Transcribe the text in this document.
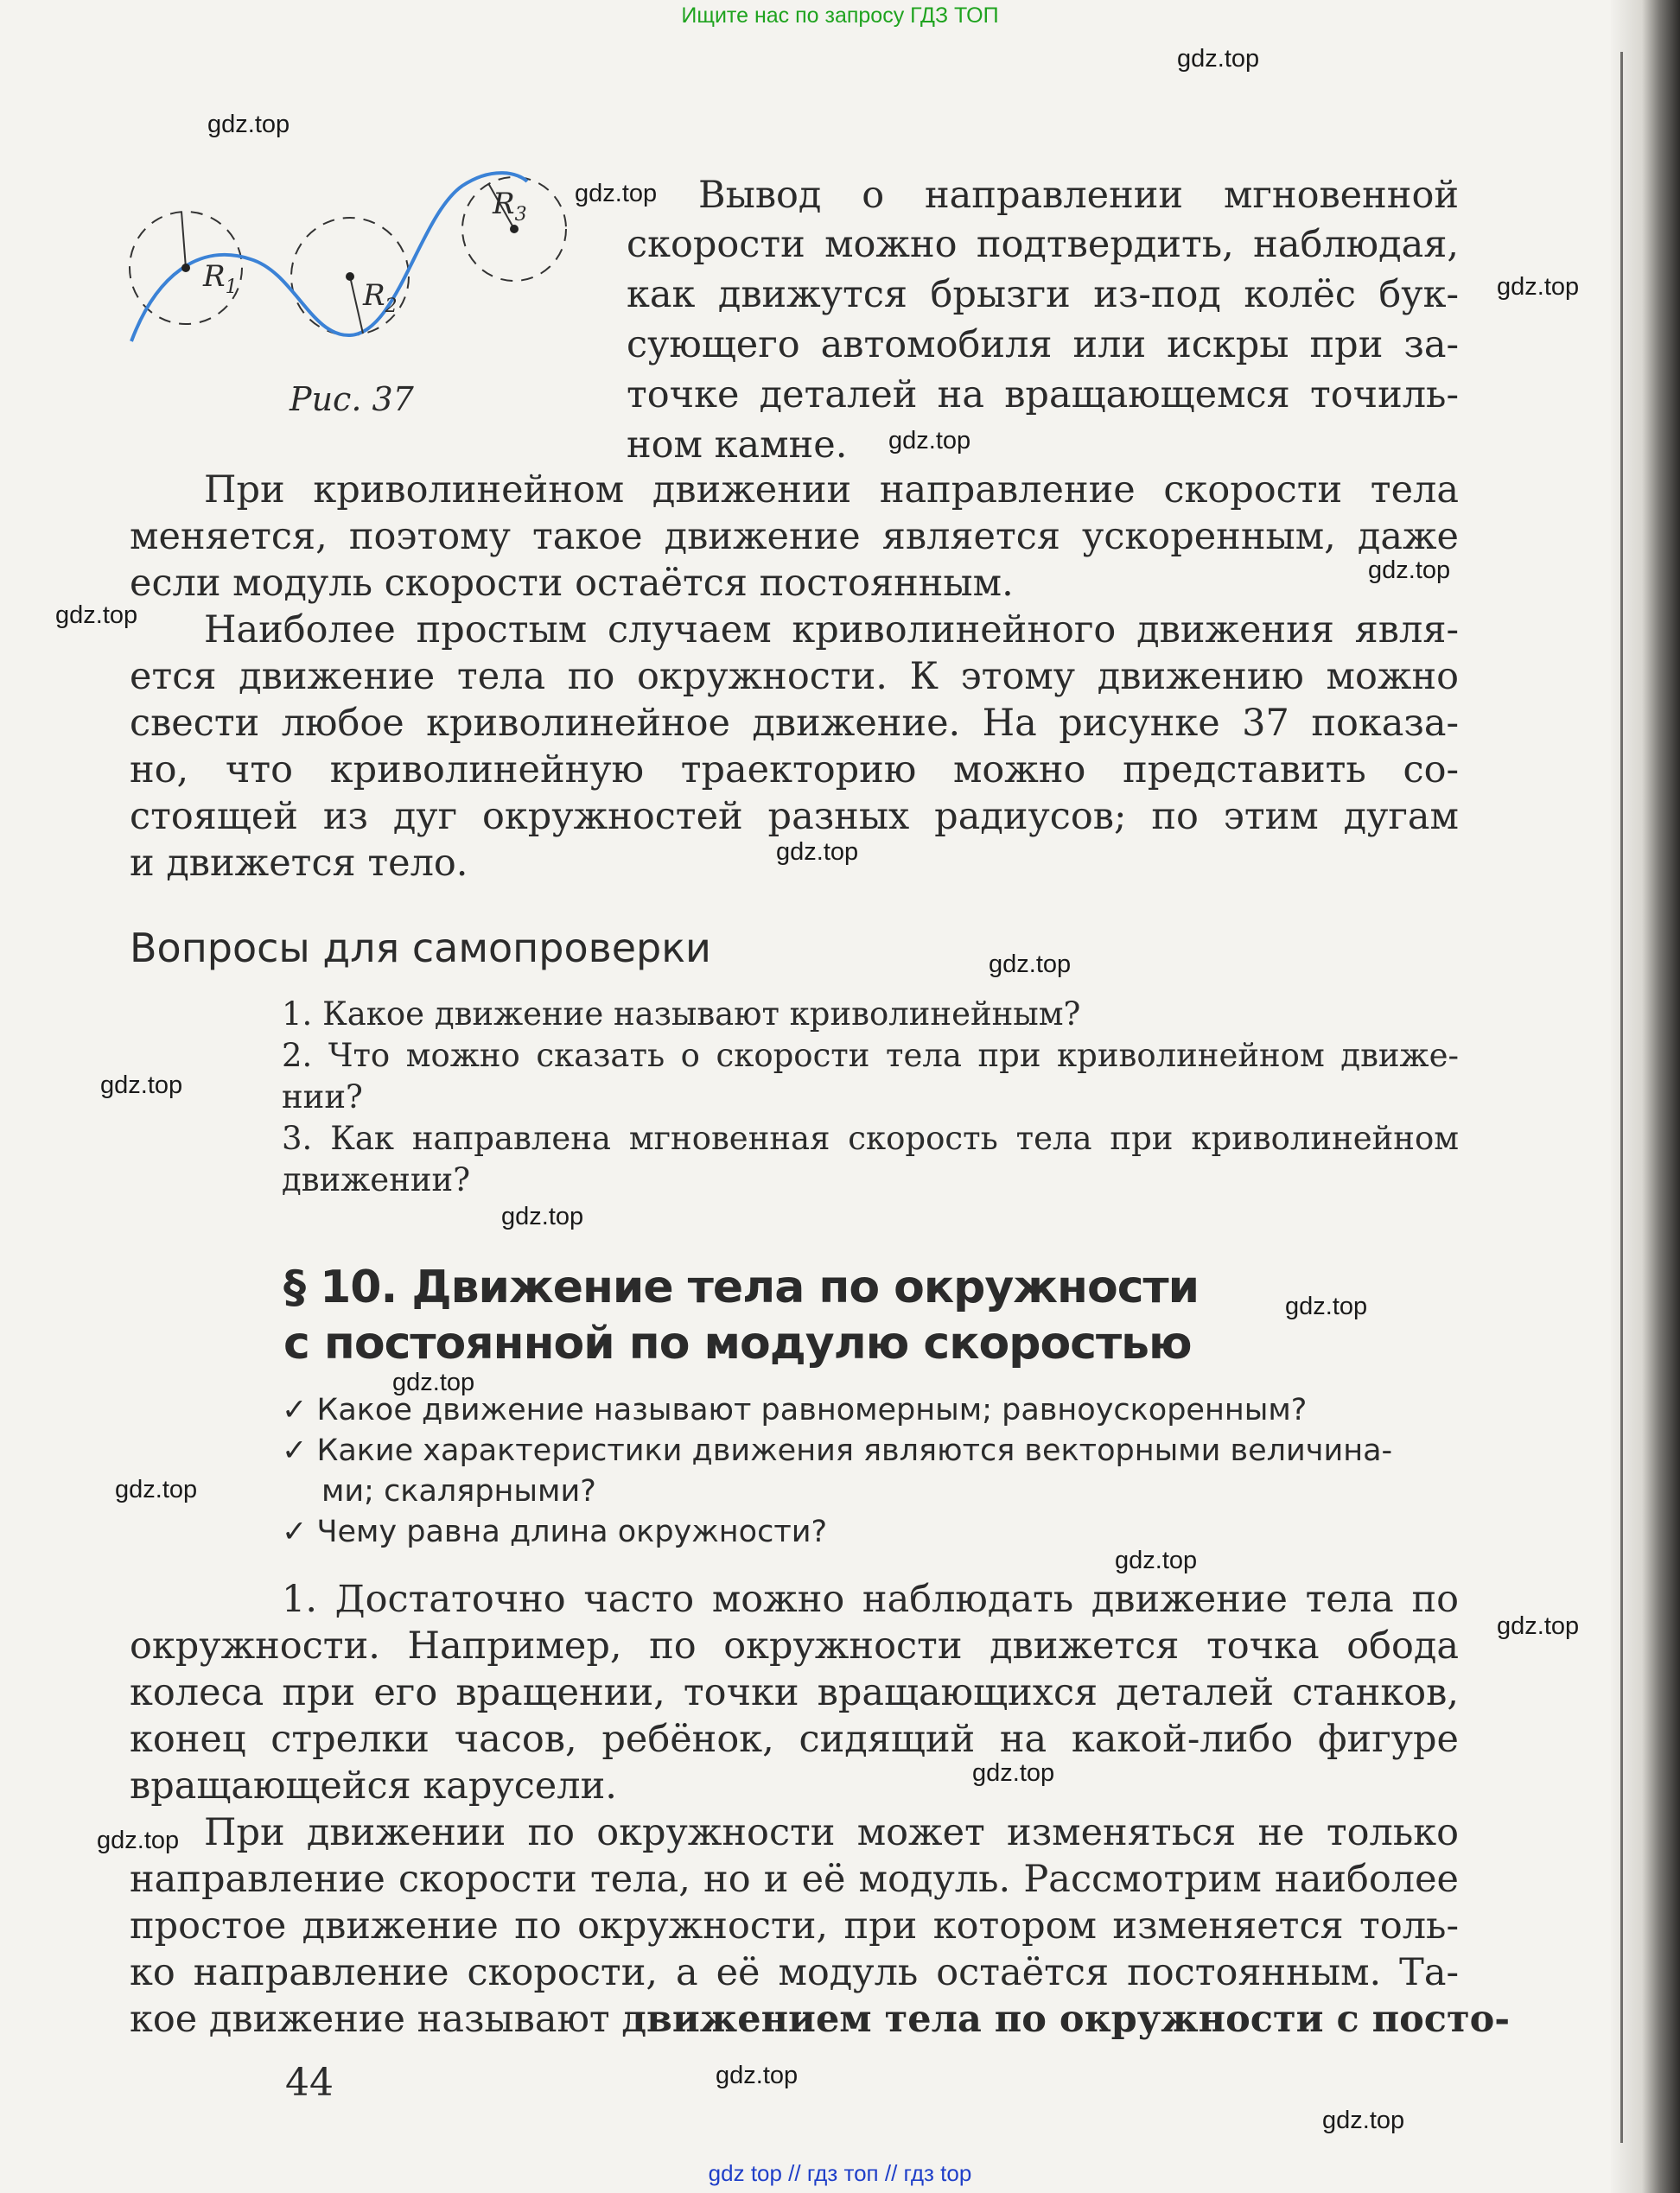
Ищите нас по запросу ГДЗ ТОП
$R_1$	$R_2$
$R_3$
Рис. 37
Вывод о направлении мгновенной
скорости можно подтвердить, наблюдая,
как движутся брызги из-под колёс бук-
сующего автомобиля или искры при за-
точке деталей на вращающемся точиль-
ном камне.
При криволинейном движении направление скорости тела
меняется, поэтому такое движение является ускоренным, даже
если модуль скорости остаётся постоянным.
Наиболее простым случаем криволинейного движения явля-
ется движение тела по окружности. К этому движению можно
свести любое криволинейное движение. На рисунке 37 показа-
но, что криволинейную траекторию можно представить со-
стоящей из дуг окружностей разных радиусов; по этим дугам
и движется тело.
Вопросы для самопроверки
1. Какое движение называют криволинейным?
2. Что можно сказать о скорости тела при криволинейном движе-
нии?
3. Как направлена мгновенная скорость тела при криволинейном
движении?
§ 10. Движение тела по окружности
с постоянной по модулю скоростью
✓ Какое движение называют равномерным; равноускоренным?
✓ Какие характеристики движения являются векторными величина-
ми; скалярными?
✓ Чему равна длина окружности?
1. Достаточно часто можно наблюдать движение тела по
окружности. Например, по окружности движется точка обода
колеса при его вращении, точки вращающихся деталей станков,
конец стрелки часов, ребёнок, сидящий на какой-либо фигуре
вращающейся карусели.
При движении по окружности может изменяться не только
направление скорости тела, но и её модуль. Рассмотрим наиболее
простое движение по окружности, при котором изменяется толь-
ко направление скорости, а её модуль остаётся постоянным. Та-
кое движение называют движением тела по окружности с посто-
44
gdz.top
gdz.top
gdz.top
gdz.top
gdz.top
gdz.top
gdz.top
gdz.top
gdz.top
gdz.top
gdz.top
gdz.top
gdz.top
gdz.top
gdz.top
gdz.top
gdz.top
gdz.top
gdz.top
gdz.top
gdz top // гдз топ // гдз top
